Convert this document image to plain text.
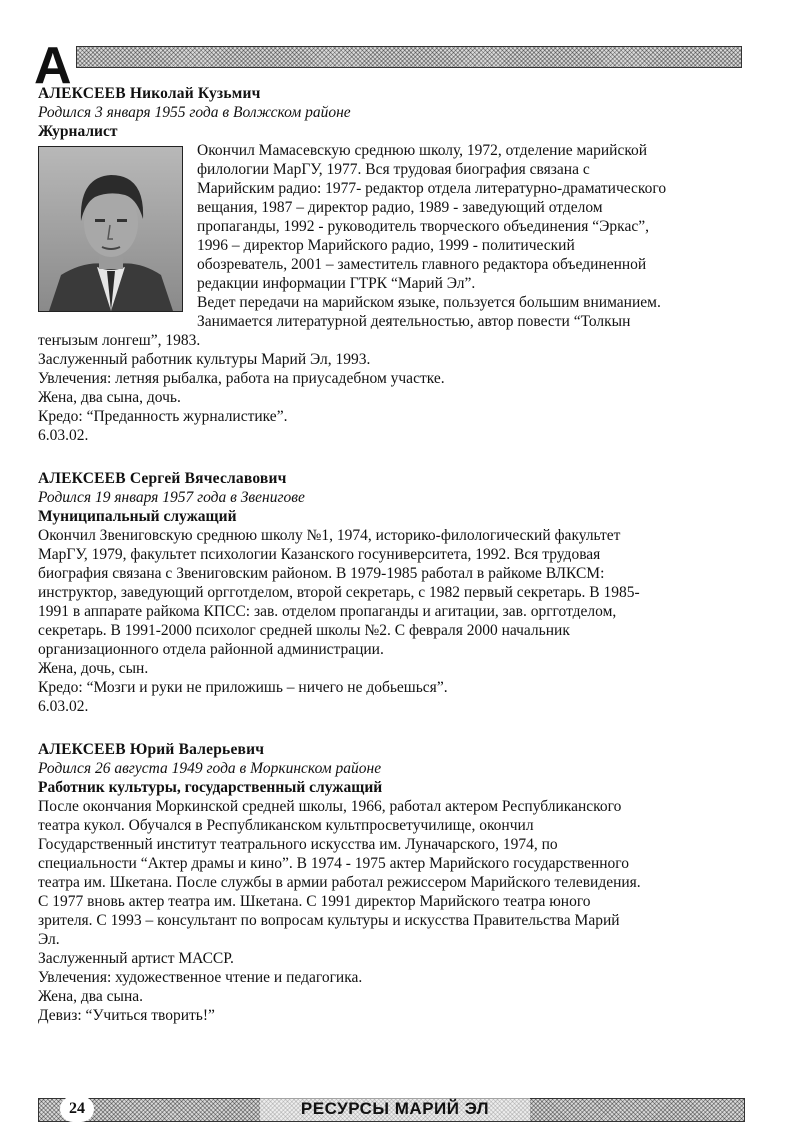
А
АЛЕКСЕЕВ Николай Кузьмич
Родился 3 января 1955 года в Волжском районе
Журналист

Окончил Мамасевскую среднюю школу, 1972, отделение марийской

филологии МарГУ, 1977. Вся трудовая биография связана с

Марийским радио: 1977- редактор отдела литературно-драматического

вещания, 1987 – директор радио, 1989 - заведующий отделом

пропаганды, 1992 - руководитель творческого объединения “Эркас”,

1996 – директор Марийского радио, 1999 - политический

обозреватель, 2001 – заместитель главного редактора объединенной

редакции информации ГТРК “Марий Эл”.

Ведет передачи на марийском языке, пользуется большим вниманием.

Занимается литературной деятельностью, автор повести “Толкын

теҥызым лонгеш”, 1983.

Заслуженный работник культуры Марий Эл, 1993.

Увлечения: летняя рыбалка, работа на приусадебном участке.

Жена, два сына, дочь.

Кредо: “Преданность журналистике”.

6.03.02.

АЛЕКСЕЕВ Сергей Вячеславович
Родился 19 января 1957 года в Звенигове
Муниципальный служащий

Окончил Звениговскую среднюю школу №1, 1974, историко-филологический факультет

МарГУ, 1979, факультет психологии Казанского госуниверситета, 1992. Вся трудовая

биография связана с Звениговским районом. В 1979-1985 работал в райкоме ВЛКСМ:

инструктор, заведующий оргготделом, второй секретарь, с 1982 первый секретарь. В 1985-

1991 в аппарате райкома КПСС: зав. отделом пропаганды и агитации, зав. оргготделом,

секретарь. В 1991-2000 психолог средней школы №2. С февраля 2000 начальник

организационного отдела районной администрации.

Жена, дочь, сын.

Кредо: “Мозги и руки не приложишь – ничего не добьешься”.

6.03.02.

АЛЕКСЕЕВ Юрий Валерьевич
Родился 26 августа 1949 года в Моркинском районе
Работник культуры, государственный служащий

После окончания Моркинской средней школы, 1966, работал актером Республиканского

театра кукол. Обучался в Республиканском культпросветучилище, окончил

Государственный институт театрального искусства им. Луначарского, 1974, по

специальности “Актер драмы и кино”. В 1974 - 1975 актер Марийского государственного

театра им. Шкетана. После службы в армии работал режиссером Марийского телевидения.

С 1977 вновь актер театра им. Шкетана. С 1991 директор Марийского театра юного

зрителя. С 1993 – консультант по вопросам культуры и искусства Правительства Марий

Эл.

Заслуженный артист МАССР.

Увлечения: художественное чтение и педагогика.

Жена, два сына.

Девиз: “Учиться творить!”

24	РЕСУРСЫ МАРИЙ ЭЛ
